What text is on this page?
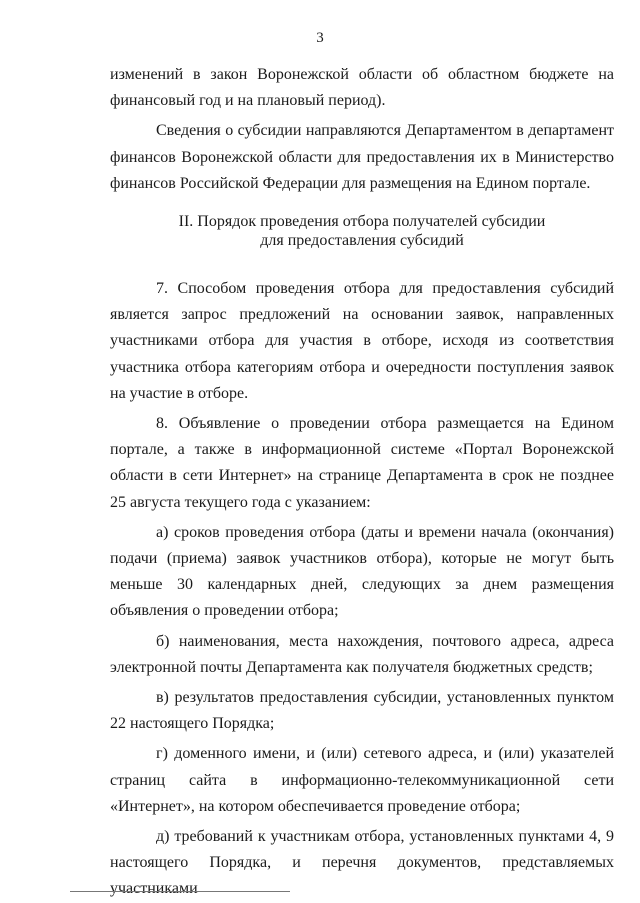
3

изменений в закон Воронежской области об областном бюджете на финансовый год и на плановый период).

Сведения о субсидии направляются Департаментом в департамент финансов Воронежской области для предоставления их в Министерство финансов Российской Федерации для размещения на Едином портале.

II. Порядок проведения отбора получателей субсидии
для предоставления субсидий

7. Способом проведения отбора для предоставления субсидий является запрос предложений на основании заявок, направленных участниками отбора для участия в отборе, исходя из соответствия участника отбора категориям отбора и очередности поступления заявок на участие в отборе.

8. Объявление о проведении отбора размещается на Едином портале, а также в информационной системе «Портал Воронежской области в сети Интернет» на странице Департамента в срок не позднее 25 августа текущего года с указанием:

а) сроков проведения отбора (даты и времени начала (окончания) подачи (приема) заявок участников отбора), которые не могут быть меньше 30 календарных дней, следующих за днем размещения объявления о проведении отбора;

б) наименования, места нахождения, почтового адреса, адреса электронной почты Департамента как получателя бюджетных средств;

в) результатов предоставления субсидии, установленных пунктом 22 настоящего Порядка;

г) доменного имени, и (или) сетевого адреса, и (или) указателей страниц сайта в информационно-телекоммуникационной сети «Интернет», на котором обеспечивается проведение отбора;

д) требований к участникам отбора, установленных пунктами 4, 9 настоящего Порядка, и перечня документов, представляемых участниками
